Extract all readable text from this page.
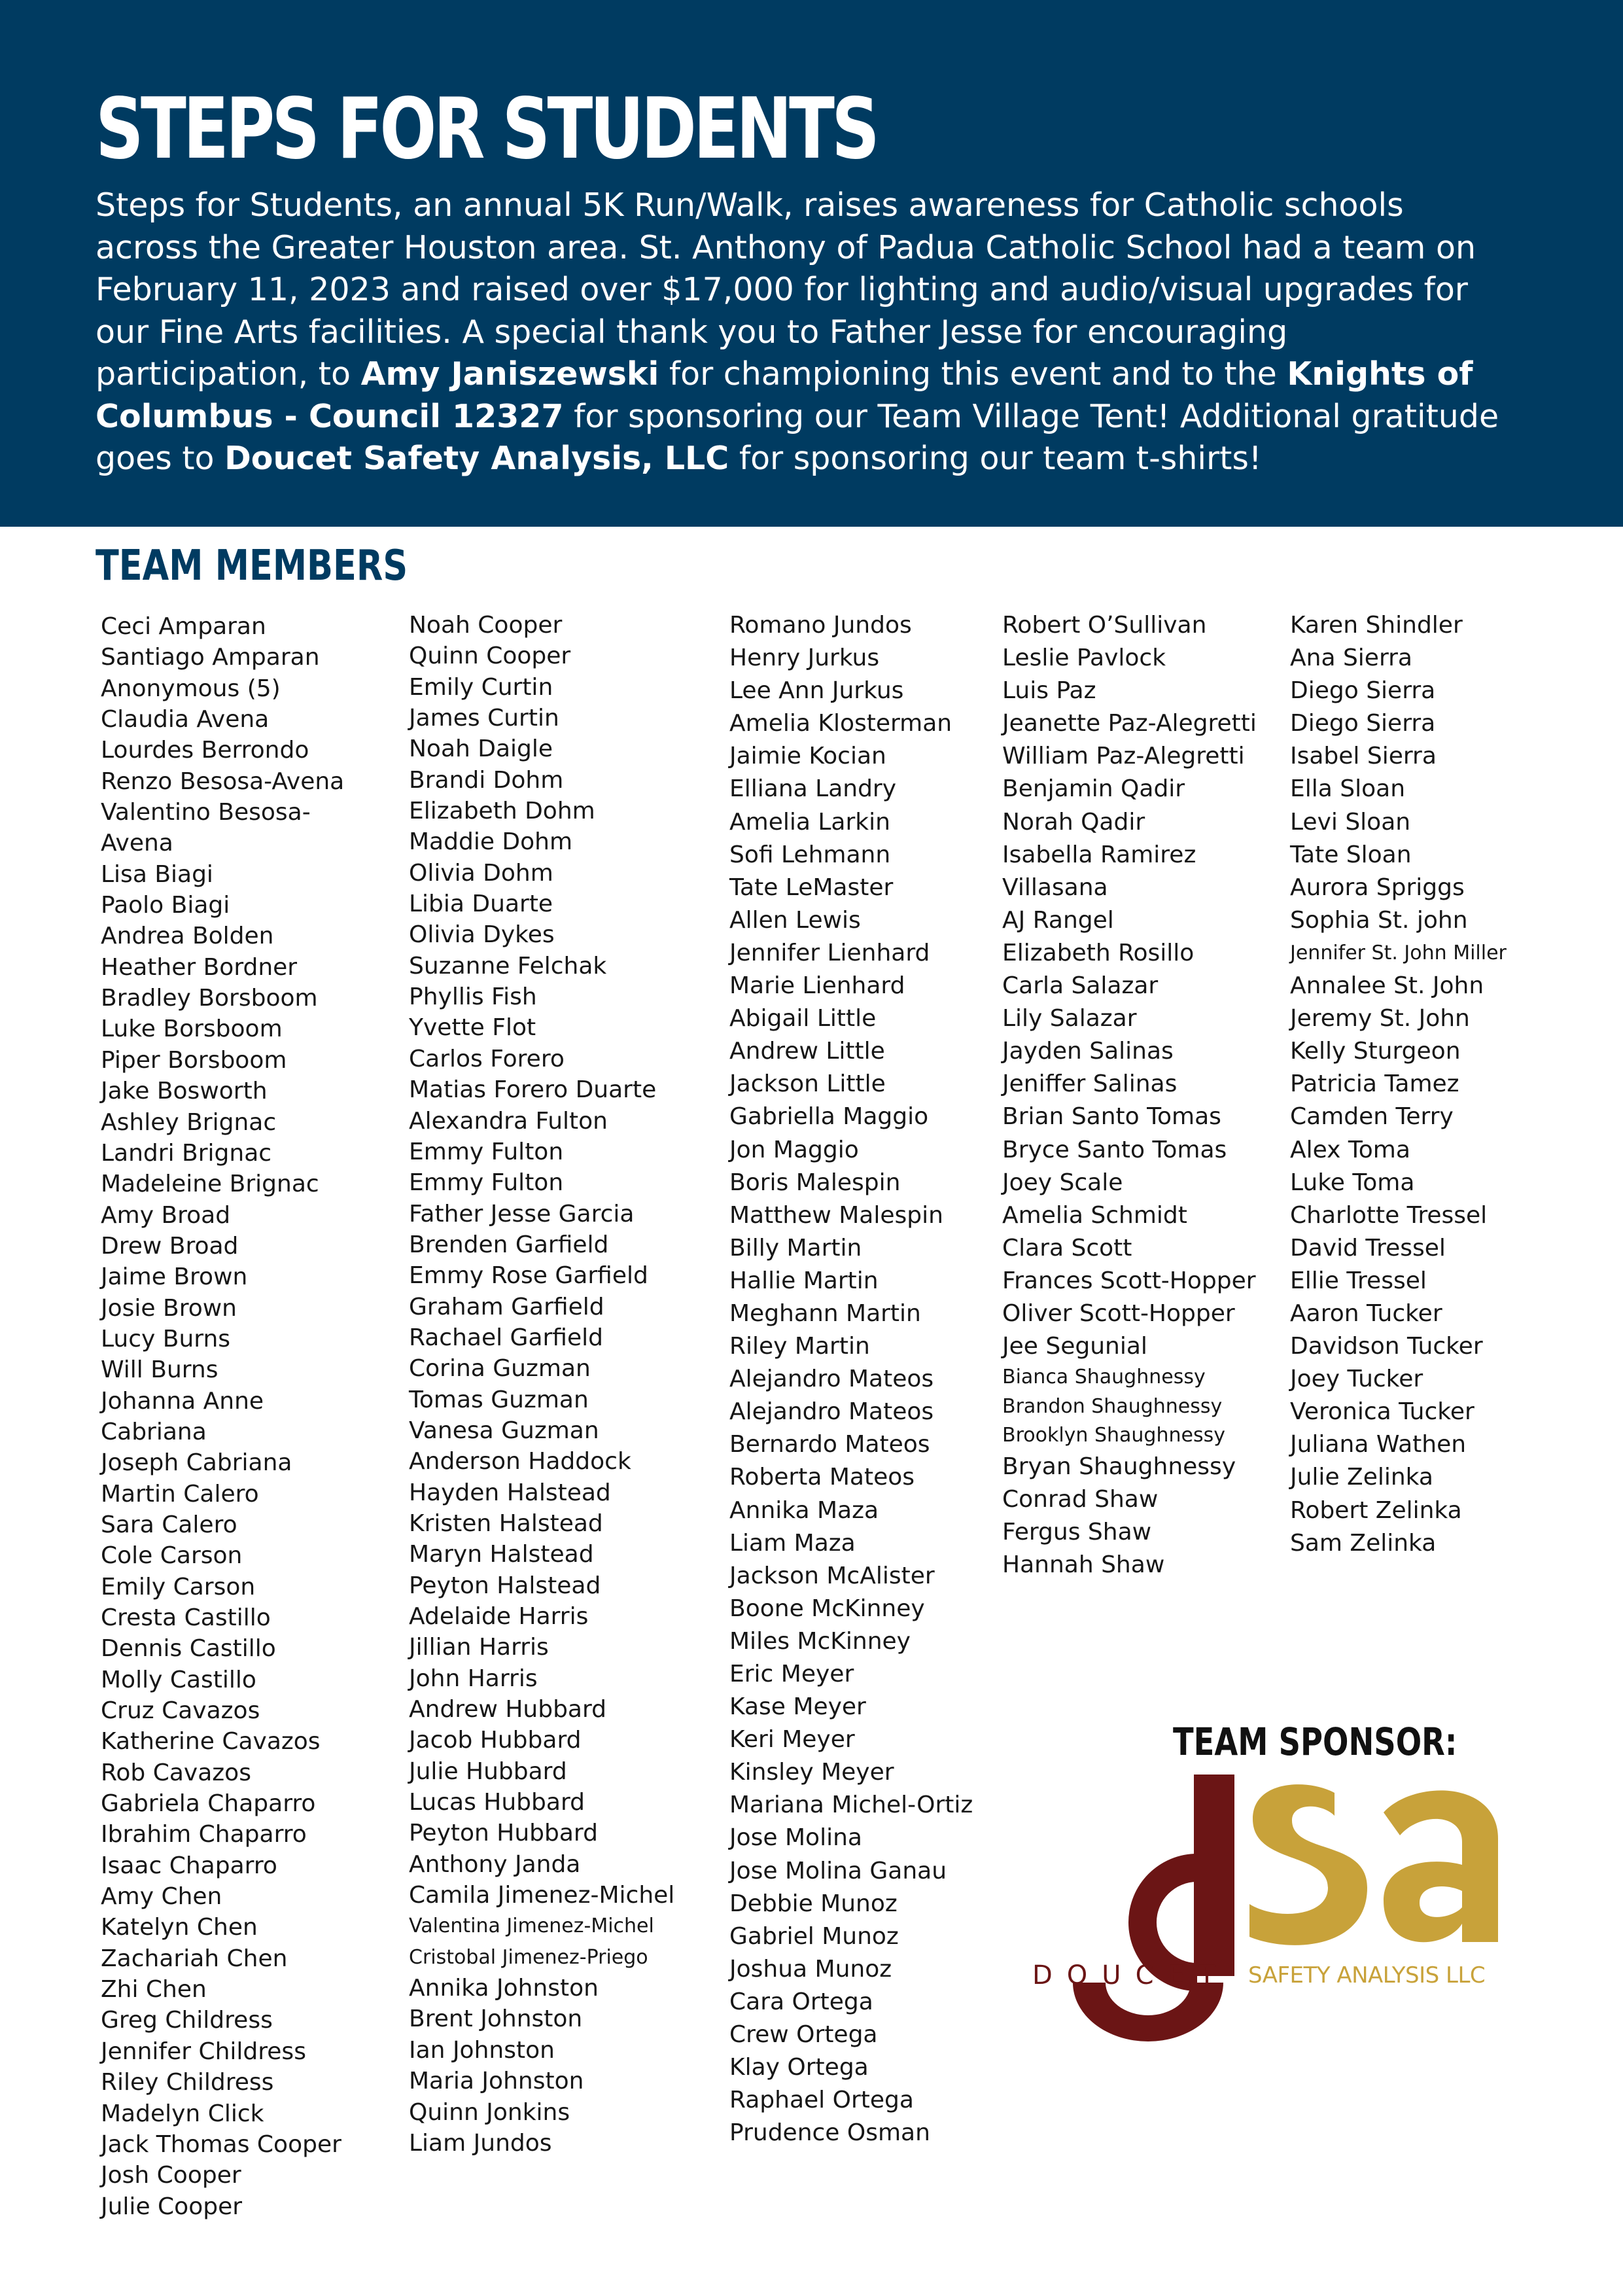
STEPS FOR STUDENTS

Steps for Students, an annual 5K Run/Walk, raises awareness for Catholic schools across the Greater Houston area. St. Anthony of Padua Catholic School had a team on February 11, 2023 and raised over $17,000 for lighting and audio/visual upgrades for our Fine Arts facilities. A special thank you to Father Jesse for encouraging participation, to Amy Janiszewski for championing this event and to the Knights of Columbus - Council 12327 for sponsoring our Team Village Tent! Additional gratitude goes to Doucet Safety Analysis, LLC for sponsoring our team t-shirts!

TEAM MEMBERS
Ceci Amparan
Santiago Amparan
Anonymous (5)
Claudia Avena
Lourdes Berrondo
Renzo Besosa-Avena
Valentino Besosa-
Avena
Lisa Biagi
Paolo Biagi
Andrea Bolden
Heather Bordner
Bradley Borsboom
Luke Borsboom
Piper Borsboom
Jake Bosworth
Ashley Brignac
Landri Brignac
Madeleine Brignac
Amy Broad
Drew Broad
Jaime Brown
Josie Brown
Lucy Burns
Will Burns
Johanna Anne
Cabriana
Joseph Cabriana
Martin Calero
Sara Calero
Cole Carson
Emily Carson
Cresta Castillo
Dennis Castillo
Molly Castillo
Cruz Cavazos
Katherine Cavazos
Rob Cavazos
Gabriela Chaparro
Ibrahim Chaparro
Isaac Chaparro
Amy Chen
Katelyn Chen
Zachariah Chen
Zhi Chen
Greg Childress
Jennifer Childress
Riley Childress
Madelyn Click
Jack Thomas Cooper
Josh Cooper
Julie Cooper
Noah Cooper
Quinn Cooper
Emily Curtin
James Curtin
Noah Daigle
Brandi Dohm
Elizabeth Dohm
Maddie Dohm
Olivia Dohm
Libia Duarte
Olivia Dykes
Suzanne Felchak
Phyllis Fish
Yvette Flot
Carlos Forero
Matias Forero Duarte
Alexandra Fulton
Emmy Fulton
Emmy Fulton
Father Jesse Garcia
Brenden Garfield
Emmy Rose Garfield
Graham Garfield
Rachael Garfield
Corina Guzman
Tomas Guzman
Vanesa Guzman
Anderson Haddock
Hayden Halstead
Kristen Halstead
Maryn Halstead
Peyton Halstead
Adelaide Harris
Jillian Harris
John Harris
Andrew Hubbard
Jacob Hubbard
Julie Hubbard
Lucas Hubbard
Peyton Hubbard
Anthony Janda
Camila Jimenez-Michel
Valentina Jimenez-Michel
Cristobal Jimenez-Priego
Annika Johnston
Brent Johnston
Ian Johnston
Maria Johnston
Quinn Jonkins
Liam Jundos
Romano Jundos
Henry Jurkus
Lee Ann Jurkus
Amelia Klosterman
Jaimie Kocian
Elliana Landry
Amelia Larkin
Sofi Lehmann
Tate LeMaster
Allen Lewis
Jennifer Lienhard
Marie Lienhard
Abigail Little
Andrew Little
Jackson Little
Gabriella Maggio
Jon Maggio
Boris Malespin
Matthew Malespin
Billy Martin
Hallie Martin
Meghann Martin
Riley Martin
Alejandro Mateos
Alejandro Mateos
Bernardo Mateos
Roberta Mateos
Annika Maza
Liam Maza
Jackson McAlister
Boone McKinney
Miles McKinney
Eric Meyer
Kase Meyer
Keri Meyer
Kinsley Meyer
Mariana Michel-Ortiz
Jose Molina
Jose Molina Ganau
Debbie Munoz
Gabriel Munoz
Joshua Munoz
Cara Ortega
Crew Ortega
Klay Ortega
Raphael Ortega
Prudence Osman
Robert O’Sullivan
Leslie Pavlock
Luis Paz
Jeanette Paz-Alegretti
William Paz-Alegretti
Benjamin Qadir
Norah Qadir
Isabella Ramirez
Villasana
AJ Rangel
Elizabeth Rosillo
Carla Salazar
Lily Salazar
Jayden Salinas
Jeniffer Salinas
Brian Santo Tomas
Bryce Santo Tomas
Joey Scale
Amelia Schmidt
Clara Scott
Frances Scott-Hopper
Oliver Scott-Hopper
Jee Segunial
Bianca Shaughnessy
Brandon Shaughnessy
Brooklyn Shaughnessy
Bryan Shaughnessy
Conrad Shaw
Fergus Shaw
Hannah Shaw
Karen Shindler
Ana Sierra
Diego Sierra
Diego Sierra
Isabel Sierra
Ella Sloan
Levi Sloan
Tate Sloan
Aurora Spriggs
Sophia St. john
Jennifer St. John Miller
Annalee St. John
Jeremy St. John
Kelly Sturgeon
Patricia Tamez
Camden Terry
Alex Toma
Luke Toma
Charlotte Tressel
David Tressel
Ellie Tressel
Aaron Tucker
Davidson Tucker
Joey Tucker
Veronica Tucker
Juliana Wathen
Julie Zelinka
Robert Zelinka
Sam Zelinka
TEAM SPONSOR:
DOUCET SAFETY ANALYSIS LLC
